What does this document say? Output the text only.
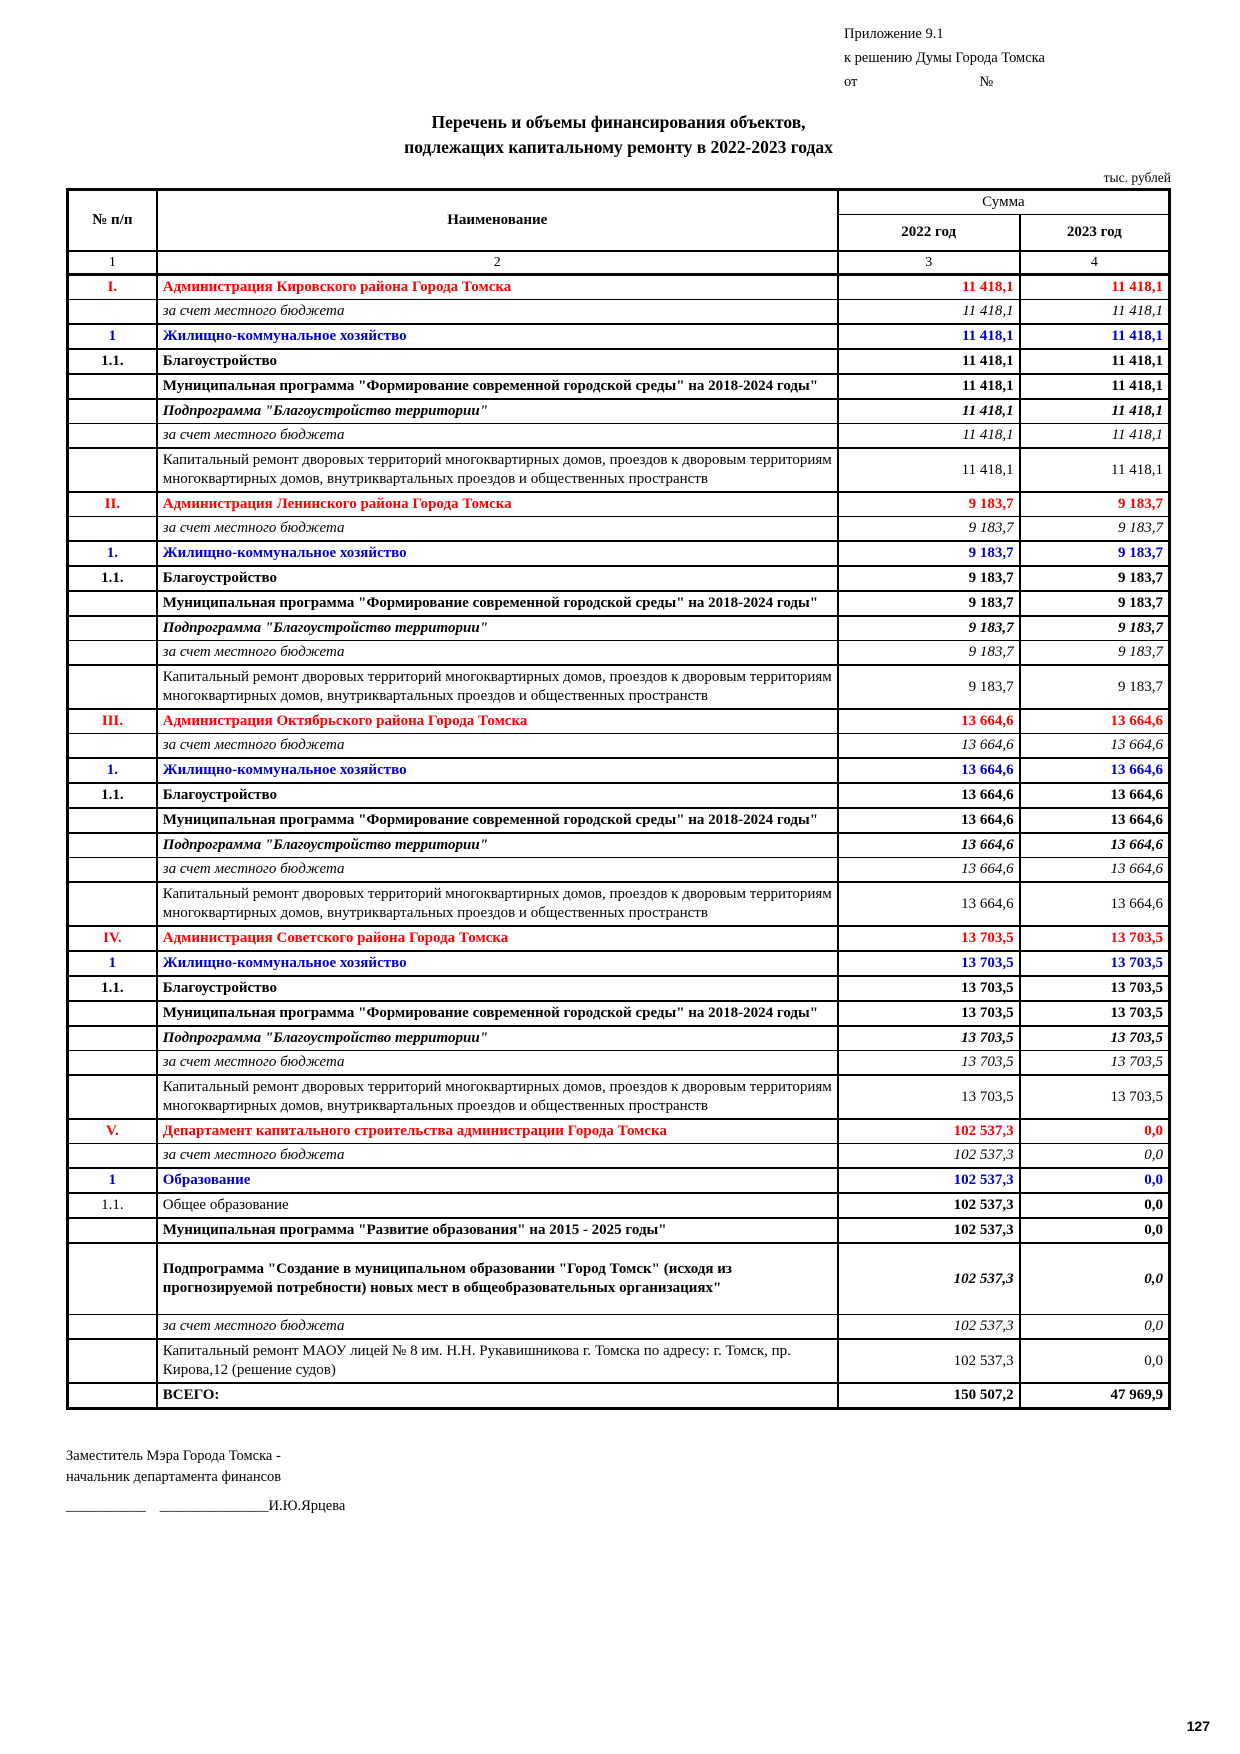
Приложение 9.1
к решению Думы Города Томска
от	№
Перечень и объемы финансирования объектов,
подлежащих капитальному ремонту в 2022-2023 годах
тыс. рублей
№ п/п	Наименование	Сумма	
		2022 год	2023 год
1	2	3	4
I.	Администрация Кировского района Города Томска	11 418,1	11 418,1
	за счет местного бюджета	11 418,1	11 418,1
1	Жилищно-коммунальное хозяйство	11 418,1	11 418,1
1.1.	Благоустройство	11 418,1	11 418,1
	Муниципальная программа "Формирование современной городской среды" на 2018-2024 годы"	11 418,1	11 418,1
	Подпрограмма "Благоустройство территории"	11 418,1	11 418,1
	за счет местного бюджета	11 418,1	11 418,1
	Капитальный ремонт дворовых территорий многоквартирных домов, проездов к дворовым территориям многоквартирных домов, внутриквартальных проездов и общественных пространств	11 418,1	11 418,1
II.	Администрация Ленинского района Города Томска	9 183,7	9 183,7
	за счет местного бюджета	9 183,7	9 183,7
1.	Жилищно-коммунальное хозяйство	9 183,7	9 183,7
1.1.	Благоустройство	9 183,7	9 183,7
	Муниципальная программа "Формирование современной городской среды" на 2018-2024 годы"	9 183,7	9 183,7
	Подпрограмма "Благоустройство территории"	9 183,7	9 183,7
	за счет местного бюджета	9 183,7	9 183,7
	Капитальный ремонт дворовых территорий многоквартирных домов, проездов к дворовым территориям многоквартирных домов, внутриквартальных проездов и общественных пространств	9 183,7	9 183,7
III.	Администрация Октябрьского района Города Томска	13 664,6	13 664,6
	за счет местного бюджета	13 664,6	13 664,6
1.	Жилищно-коммунальное хозяйство	13 664,6	13 664,6
1.1.	Благоустройство	13 664,6	13 664,6
	Муниципальная программа "Формирование современной городской среды" на 2018-2024 годы"	13 664,6	13 664,6
	Подпрограмма "Благоустройство территории"	13 664,6	13 664,6
	за счет местного бюджета	13 664,6	13 664,6
	Капитальный ремонт дворовых территорий многоквартирных домов, проездов к дворовым территориям многоквартирных домов, внутриквартальных проездов и общественных пространств	13 664,6	13 664,6
IV.	Администрация Советского района Города Томска	13 703,5	13 703,5
1	Жилищно-коммунальное хозяйство	13 703,5	13 703,5
1.1.	Благоустройство	13 703,5	13 703,5
	Муниципальная программа "Формирование современной городской среды" на 2018-2024 годы"	13 703,5	13 703,5
	Подпрограмма "Благоустройство территории"	13 703,5	13 703,5
	за счет местного бюджета	13 703,5	13 703,5
	Капитальный ремонт дворовых территорий многоквартирных домов, проездов к дворовым территориям многоквартирных домов, внутриквартальных проездов и общественных пространств	13 703,5	13 703,5
V.	Департамент капитального строительства администрации Города Томска	102 537,3	0,0
	за счет местного бюджета	102 537,3	0,0
1	Образование	102 537,3	0,0
1.1.	Общее образование	102 537,3	0,0
	Муниципальная программа "Развитие образования" на 2015 - 2025 годы"	102 537,3	0,0
	Подпрограмма "Создание в муниципальном образовании "Город Томск" (исходя из прогнозируемой потребности) новых мест в общеобразовательных организациях"	102 537,3	0,0
	за счет местного бюджета	102 537,3	0,0
	Капитальный ремонт МАОУ лицей № 8 им. Н.Н. Рукавишникова г. Томска по адресу: г. Томск, пр. Кирова,12 (решение судов)	102 537,3	0,0
	ВСЕГО:	150 507,2	47 969,9
Заместитель Мэра Города Томска -
начальник департамента финансов
___________ _______________И.Ю.Ярцева
127
